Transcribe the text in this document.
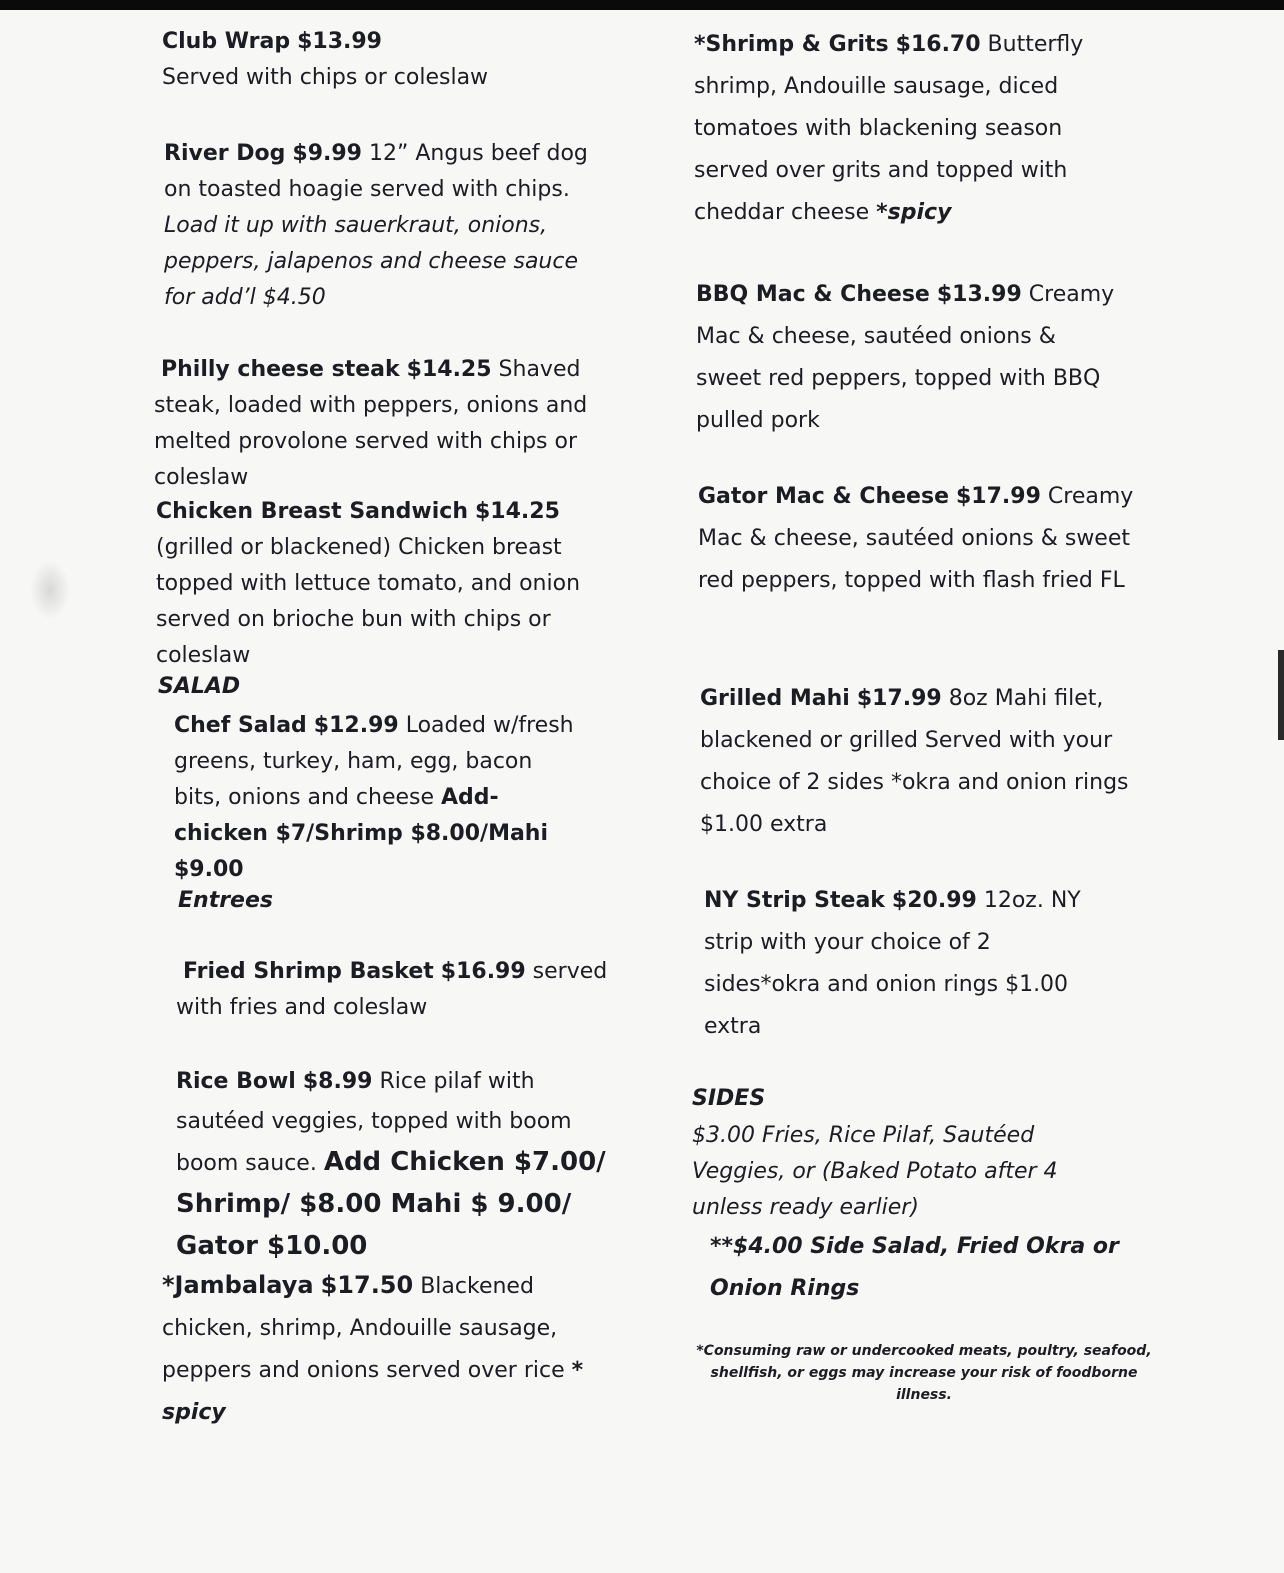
Club Wrap $13.99
Served with chips or coleslaw
River Dog $9.99 12” Angus beef dog on toasted hoagie served with chips. Load it up with sauerkraut, onions, peppers, jalapenos and cheese sauce for add’l $4.50
Philly cheese steak $14.25 Shaved steak, loaded with peppers, onions and melted provolone served with chips or coleslaw
Chicken Breast Sandwich $14.25 (grilled or blackened) Chicken breast topped with lettuce tomato, and onion served on brioche bun with chips or coleslaw
SALAD
Chef Salad $12.99 Loaded w/fresh greens, turkey, ham, egg, bacon bits, onions and cheese Add-chicken $7/Shrimp $8.00/Mahi $9.00
Entrees
Fried Shrimp Basket $16.99 served with fries and coleslaw
Rice Bowl $8.99 Rice pilaf with sautéed veggies, topped with boom boom sauce. Add Chicken $7.00/ Shrimp/ $8.00 Mahi $ 9.00/ Gator $10.00
*Jambalaya $17.50 Blackened chicken, shrimp, Andouille sausage, peppers and onions served over rice * spicy
*Shrimp & Grits $16.70 Butterfly shrimp, Andouille sausage, diced tomatoes with blackening season served over grits and topped with cheddar cheese *spicy
BBQ Mac & Cheese $13.99 Creamy Mac & cheese, sautéed onions & sweet red peppers, topped with BBQ pulled pork
Gator Mac & Cheese $17.99 Creamy Mac & cheese, sautéed onions & sweet red peppers, topped with flash fried FL
Grilled Mahi $17.99 8oz Mahi filet, blackened or grilled Served with your choice of 2 sides *okra and onion rings $1.00 extra
NY Strip Steak $20.99 12oz. NY strip with your choice of 2 sides*okra and onion rings $1.00 extra
SIDES
$3.00 Fries, Rice Pilaf, Sautéed Veggies, or (Baked Potato after 4 unless ready earlier)
**$4.00 Side Salad, Fried Okra or Onion Rings
*Consuming raw or undercooked meats, poultry, seafood, shellfish, or eggs may increase your risk of foodborne illness.
